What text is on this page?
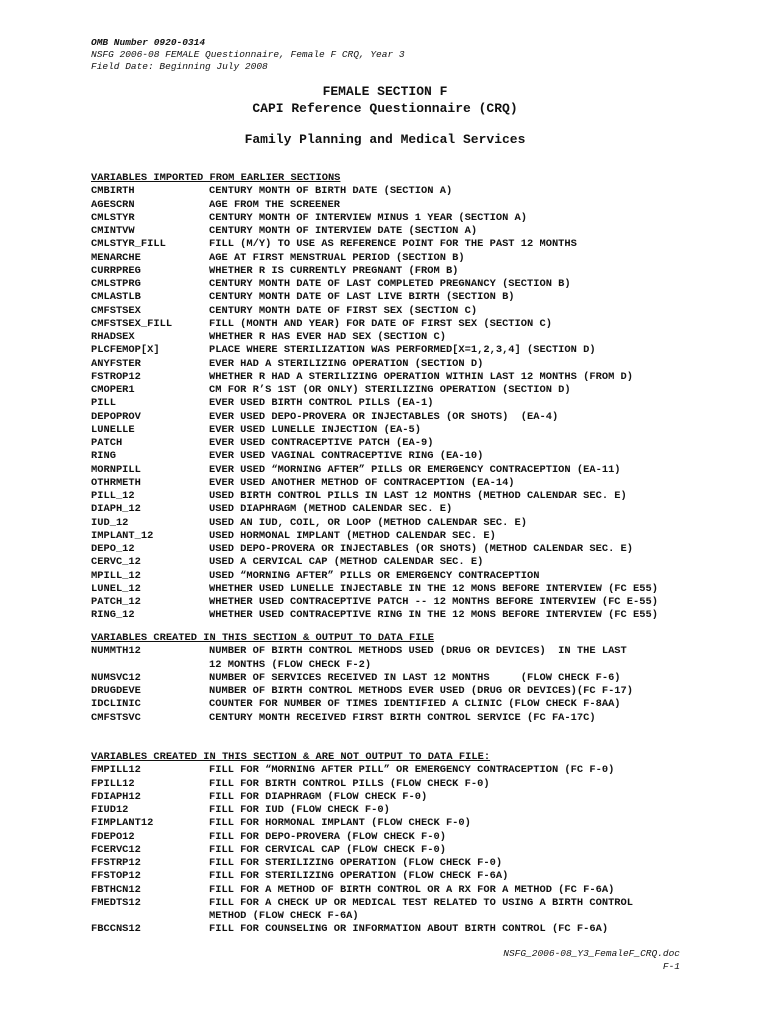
OMB Number 0920-0314
NSFG 2006-08 FEMALE Questionnaire, Female F CRQ, Year 3
Field Date: Beginning July 2008
FEMALE SECTION F
CAPI Reference Questionnaire (CRQ)
Family Planning and Medical Services
VARIABLES IMPORTED FROM EARLIER SECTIONS
CMBIRTH	CENTURY MONTH OF BIRTH DATE (SECTION A)
AGESCRN	AGE FROM THE SCREENER
CMLSTYR	CENTURY MONTH OF INTERVIEW MINUS 1 YEAR (SECTION A)
CMINTVW	CENTURY MONTH OF INTERVIEW DATE (SECTION A)
CMLSTYR_FILL	FILL (M/Y) TO USE AS REFERENCE POINT FOR THE PAST 12 MONTHS
MENARCHE	AGE AT FIRST MENSTRUAL PERIOD (SECTION B)
CURRPREG	WHETHER R IS CURRENTLY PREGNANT (FROM B)
CMLSTPRG	CENTURY MONTH DATE OF LAST COMPLETED PREGNANCY (SECTION B)
CMLASTLB	CENTURY MONTH DATE OF LAST LIVE BIRTH (SECTION B)
CMFSTSEX	CENTURY MONTH DATE OF FIRST SEX (SECTION C)
CMFSTSEX_FILL	FILL (MONTH AND YEAR) FOR DATE OF FIRST SEX (SECTION C)
RHADSEX	WHETHER R HAS EVER HAD SEX (SECTION C)
PLCFEMOP[X]	PLACE WHERE STERILIZATION WAS PERFORMED[X=1,2,3,4] (SECTION D)
ANYFSTER	EVER HAD A STERILIZING OPERATION (SECTION D)
FSTROP12	WHETHER R HAD A STERILIZING OPERATION WITHIN LAST 12 MONTHS (FROM D)
CMOPER1	CM FOR R’S 1ST (OR ONLY) STERILIZING OPERATION (SECTION D)
PILL	EVER USED BIRTH CONTROL PILLS (EA-1)
DEPOPROV	EVER USED DEPO-PROVERA OR INJECTABLES (OR SHOTS)  (EA-4)
LUNELLE	EVER USED LUNELLE INJECTION (EA-5)
PATCH	EVER USED CONTRACEPTIVE PATCH (EA-9)
RING	EVER USED VAGINAL CONTRACEPTIVE RING (EA-10)
MORNPILL	EVER USED “MORNING AFTER” PILLS OR EMERGENCY CONTRACEPTION (EA-11)
OTHRMETH	EVER USED ANOTHER METHOD OF CONTRACEPTION (EA-14)
PILL_12	USED BIRTH CONTROL PILLS IN LAST 12 MONTHS (METHOD CALENDAR SEC. E)
DIAPH_12	USED DIAPHRAGM (METHOD CALENDAR SEC. E)
IUD_12	USED AN IUD, COIL, OR LOOP (METHOD CALENDAR SEC. E)
IMPLANT_12	USED HORMONAL IMPLANT (METHOD CALENDAR SEC. E)
DEPO_12	USED DEPO-PROVERA OR INJECTABLES (OR SHOTS) (METHOD CALENDAR SEC. E)
CERVC_12	USED A CERVICAL CAP (METHOD CALENDAR SEC. E)
MPILL_12	USED “MORNING AFTER” PILLS OR EMERGENCY CONTRACEPTION
LUNEL_12	WHETHER USED LUNELLE INJECTABLE IN THE 12 MONS BEFORE INTERVIEW (FC E55)
PATCH_12	WHETHER USED CONTRACEPTIVE PATCH -- 12 MONTHS BEFORE INTERVIEW (FC E-55)
RING_12	WHETHER USED CONTRACEPTIVE RING IN THE 12 MONS BEFORE INTERVIEW (FC E55)
VARIABLES CREATED IN THIS SECTION & OUTPUT TO DATA FILE
NUMMTH12	NUMBER OF BIRTH CONTROL METHODS USED (DRUG OR DEVICES)  IN THE LAST
12 MONTHS (FLOW CHECK F-2)
NUMSVC12	NUMBER OF SERVICES RECEIVED IN LAST 12 MONTHS     (FLOW CHECK F-6)
DRUGDEVE	NUMBER OF BIRTH CONTROL METHODS EVER USED (DRUG OR DEVICES)(FC F-17)
IDCLINIC	COUNTER FOR NUMBER OF TIMES IDENTIFIED A CLINIC (FLOW CHECK F-8AA)
CMFSTSVC	CENTURY MONTH RECEIVED FIRST BIRTH CONTROL SERVICE (FC FA-17C)
VARIABLES CREATED IN THIS SECTION & ARE NOT OUTPUT TO DATA FILE:
FMPILL12	FILL FOR “MORNING AFTER PILL” OR EMERGENCY CONTRACEPTION (FC F-0)
FPILL12	FILL FOR BIRTH CONTROL PILLS (FLOW CHECK F-0)
FDIAPH12	FILL FOR DIAPHRAGM (FLOW CHECK F-0)
FIUD12	FILL FOR IUD (FLOW CHECK F-0)
FIMPLANT12	FILL FOR HORMONAL IMPLANT (FLOW CHECK F-0)
FDEPO12	FILL FOR DEPO-PROVERA (FLOW CHECK F-0)
FCERVC12	FILL FOR CERVICAL CAP (FLOW CHECK F-0)
FFSTRP12	FILL FOR STERILIZING OPERATION (FLOW CHECK F-0)
FFSTOP12	FILL FOR STERILIZING OPERATION (FLOW CHECK F-6A)
FBTHCN12	FILL FOR A METHOD OF BIRTH CONTROL OR A RX FOR A METHOD (FC F-6A)
FMEDTS12	FILL FOR A CHECK UP OR MEDICAL TEST RELATED TO USING A BIRTH CONTROL
METHOD (FLOW CHECK F-6A)
FBCCNS12	FILL FOR COUNSELING OR INFORMATION ABOUT BIRTH CONTROL (FC F-6A)
NSFG_2006-08_Y3_FemaleF_CRQ.doc
F-1
